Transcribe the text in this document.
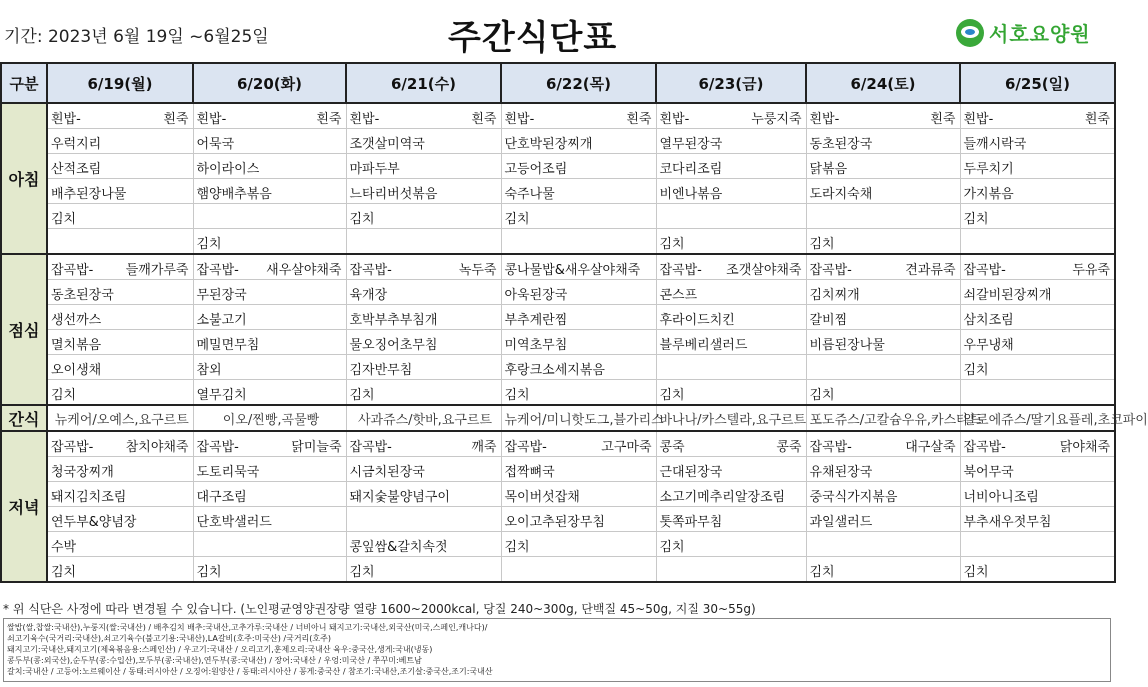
기간: 2023년 6월 19일 ~6월25일	주간식단표	서호요양원
구분	6/19(월)	6/20(화)	6/21(수)	6/22(목)	6/23(금)	6/24(토)	6/25(일)
아침	흰밥- 흰죽	흰밥- 흰죽	흰밥- 흰죽	흰밥- 흰죽	흰밥- 누룽지죽	흰밥- 흰죽	흰밥- 흰죽

	우럭지리	어묵국	조갯살미역국	단호박된장찌개	열무된장국	동초된장국	들깨시락국

	산적조림	하이라이스	마파두부	고등어조림	코다리조림	닭볶음	두루치기

	배추된장나물	햄양배추볶음	느타리버섯볶음	숙주나물	비엔나볶음	도라지숙채	가지볶음

	김치		김치	김치			김치

		김치			김치	김치	

점심	잡곡밥- 들깨가루죽	잡곡밥- 새우살야채죽	잡곡밥- 녹두죽	콩나물밥&새우살야채죽	잡곡밥- 조갯살야채죽	잡곡밥- 견과류죽	잡곡밥- 두유죽

	동초된장국	무된장국	육개장	아욱된장국	콘스프	김치찌개	쇠갈비된장찌개

	생선까스	소불고기	호박부추부침개	부추계란찜	후라이드치킨	갈비찜	삼치조림

	멸치볶음	메밀면무침	물오징어초무침	미역초무침	블루베리샐러드	비름된장나물	우무냉채

	오이생채	참외	김자반무침	후랑크소세지볶음			김치

	김치	열무김치	김치	김치	김치	김치	

간식	뉴케어/오예스,요구르트	이오/찐빵,곡물빵	사과쥬스/핫바,요구르트	뉴케어/미니핫도그,블가리스	바나나/카스텔라,요구르트	포도쥬스/고칼슘우유,카스타드	알로에쥬스/딸기요플레,초코파이
저녁	잡곡밥- 참치야채죽	잡곡밥- 닭미늘죽	잡곡밥- 깨죽	잡곡밥- 고구마죽	콩죽 콩죽	잡곡밥- 대구살죽	잡곡밥- 닭야채죽

	청국장찌개	도토리묵국	시금치된장국	접짝뼈국	근대된장국	유채된장국	북어무국

	돼지김치조림	대구조림	돼지숯불양념구이	목이버섯잡채	소고기메추리알장조림	중국식가지볶음	너비아니조림

	연두부&양념장	단호박샐러드		오이고추된장무침	톳쪽파무침	과일샐러드	부추새우젓무침

	수박		콩잎쌈&갈치속젓	김치	김치		

	김치	김치	김치			김치	김치
* 위 식단은 사정에 따라 변경될 수 있습니다. (노인평균영양권장량 열량 1600~2000kcal, 당질 240~300g, 단백질 45~50g, 지질 30~55g)
쌀밥(쌀,찹쌀:국내산),누룽지(쌀:국내산) / 배추김치 배추:국내산,고추가루:국내산 / 너비아니 돼지고기:국내산,외국산(미국,스페인,캐나다)/
쇠고기육수(국거리:국내산),쇠고기육수(불고기용:국내산),LA갈비(호주:미국산) /국거리(호주)
돼지고기:국내산,돼지고기(제육볶음용:스페인산) / 우고기:국내산 / 오리고기,훈제오리:국내산 육우:중국산,생게:국내(냉동)
콩두부(콩:외국산),순두부(콩:수입산),모두부(콩:국내산),연두부(콩:국내산) / 장어:국내산 / 우엉:미국산 / 쭈꾸미:베트남
갈치:국내산 / 고등어:노르웨이산 / 동태:러시아산 / 오징어:원양산 / 동태:러시아산 / 꽁게:중국산 / 참조기:국내산,조기살:중국산,조기:국내산
